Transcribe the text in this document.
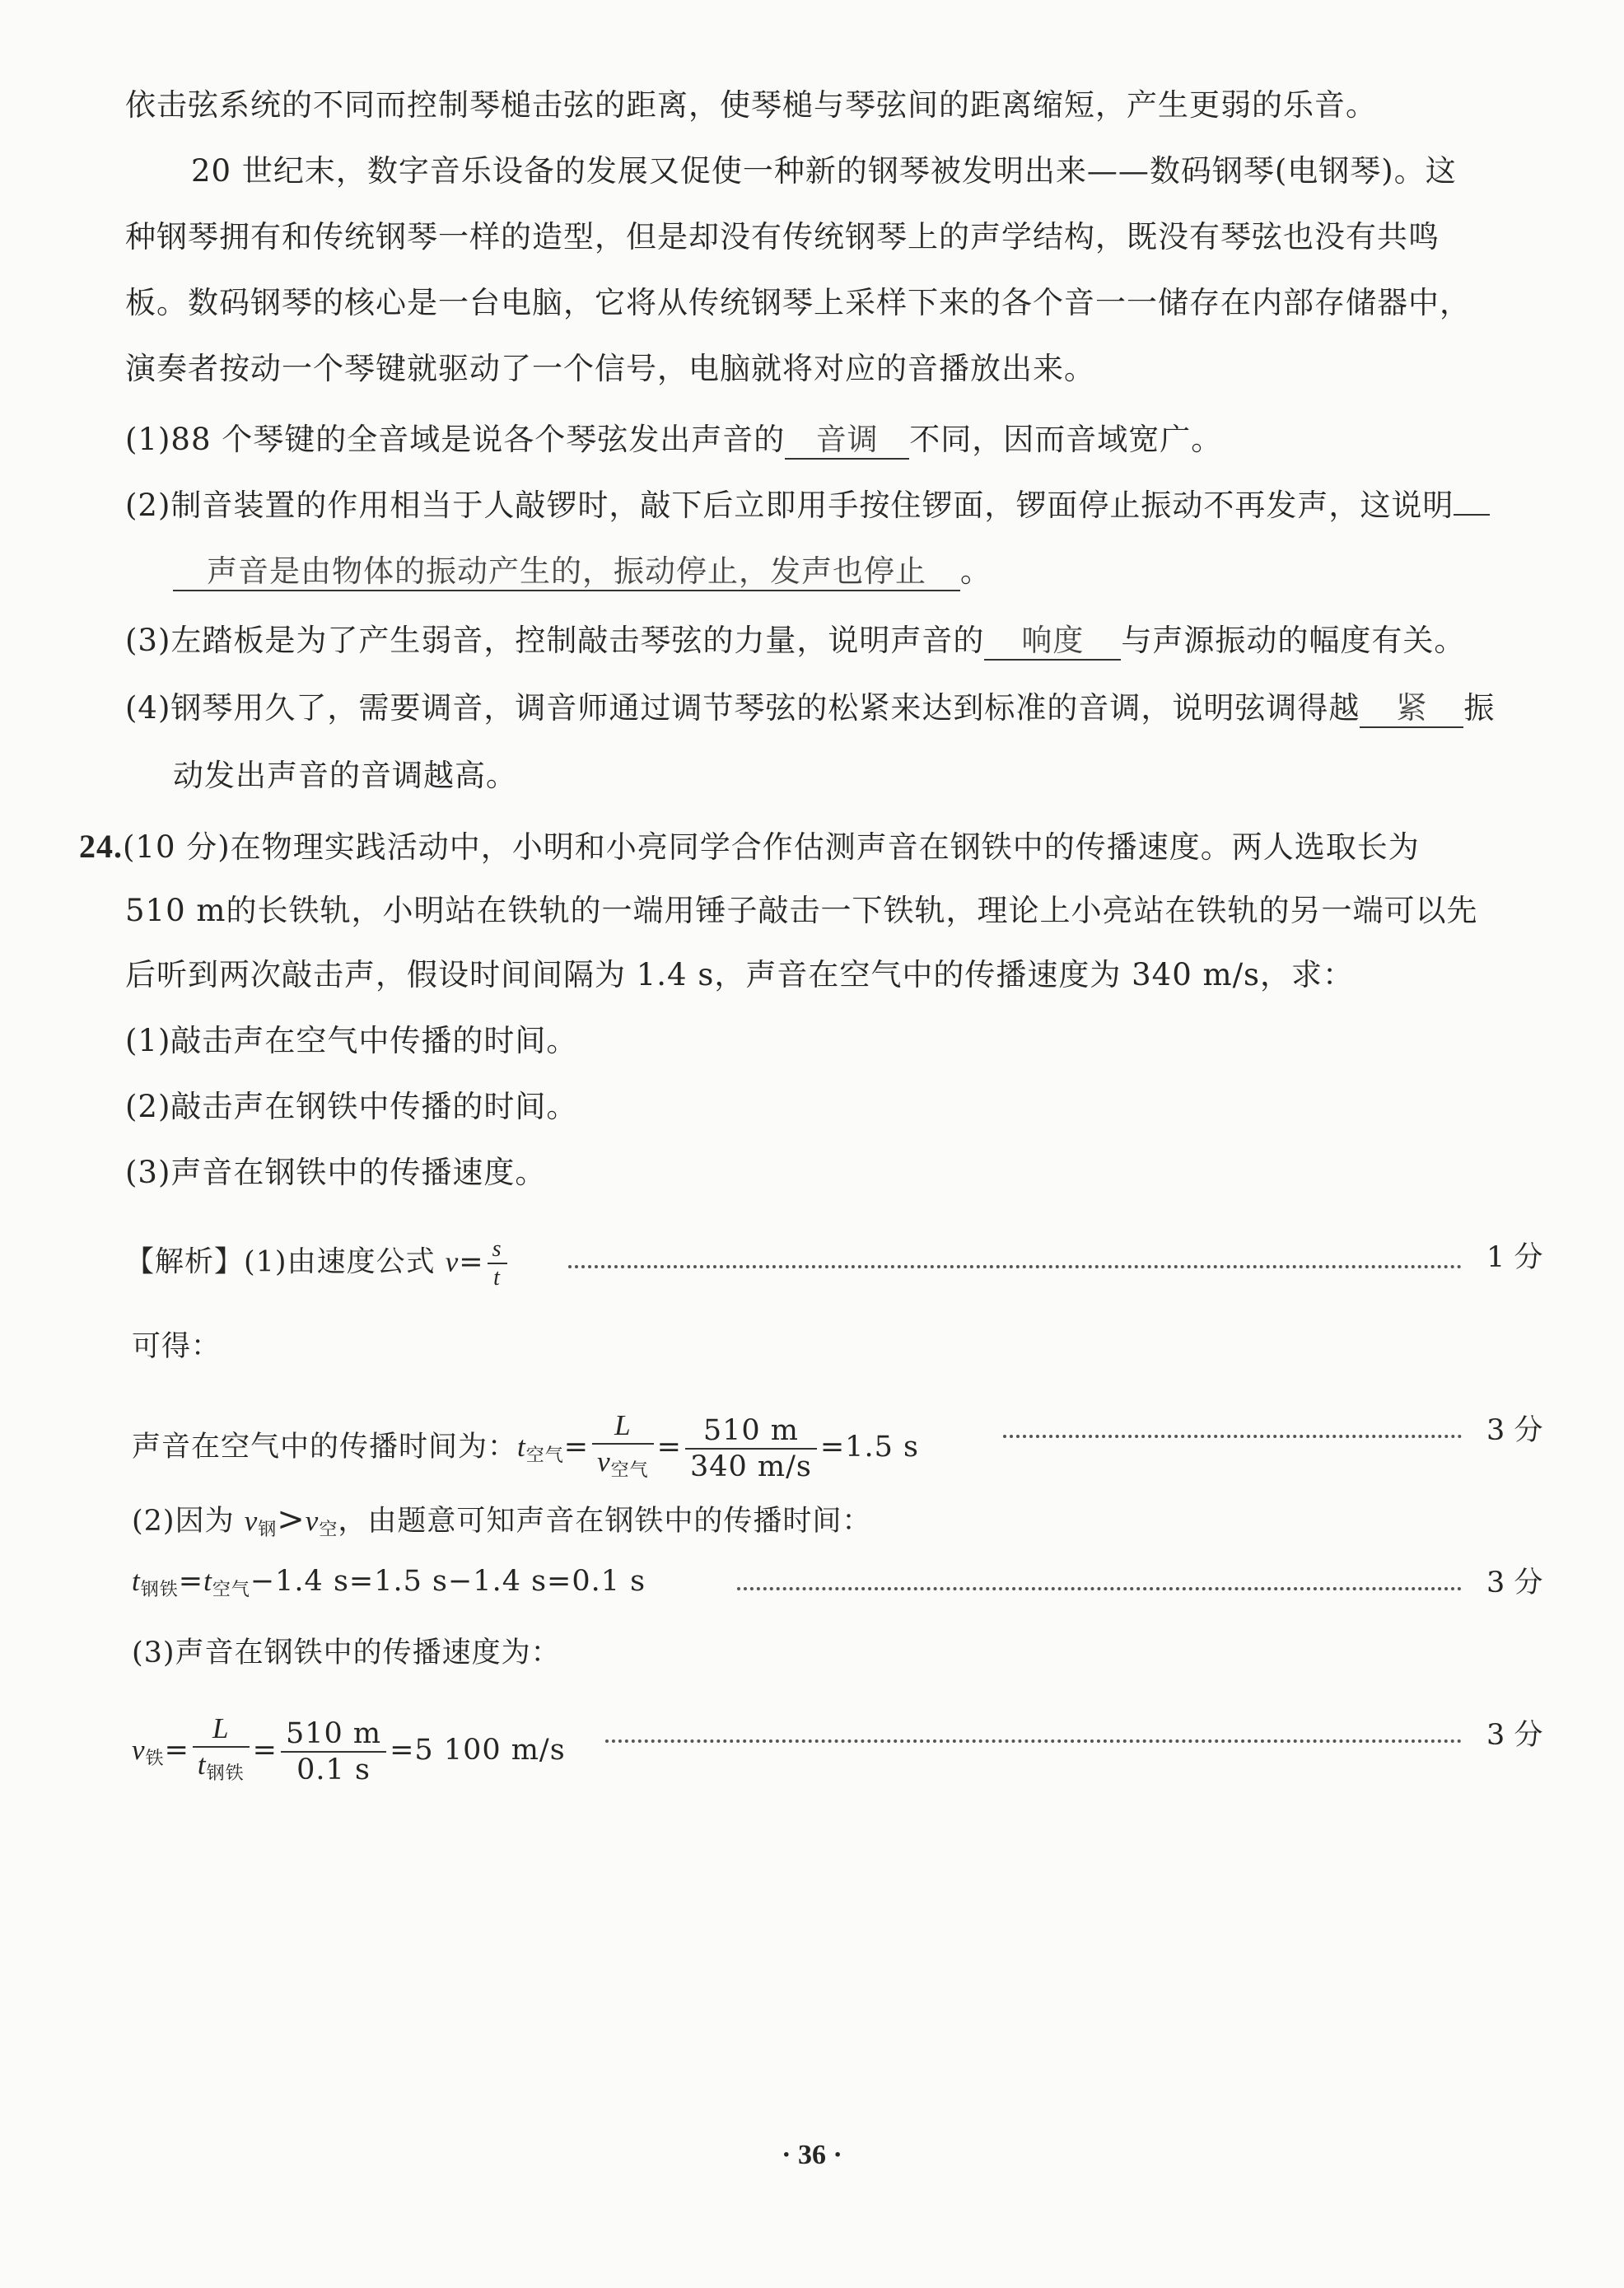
依击弦系统的不同而控制琴槌击弦的距离，使琴槌与琴弦间的距离缩短，产生更弱的乐音。
20 世纪末，数字音乐设备的发展又促使一种新的钢琴被发明出来——数码钢琴(电钢琴)。这
种钢琴拥有和传统钢琴一样的造型，但是却没有传统钢琴上的声学结构，既没有琴弦也没有共鸣
板。数码钢琴的核心是一台电脑，它将从传统钢琴上采样下来的各个音一一储存在内部存储器中，
演奏者按动一个琴键就驱动了一个信号，电脑就将对应的音播放出来。
(1)88 个琴键的全音域是说各个琴弦发出声音的 音调 不同，因而音域宽广。
(2)制音装置的作用相当于人敲锣时，敲下后立即用手按住锣面，锣面停止振动不再发声，这说明
声音是由物体的振动产生的，振动停止，发声也停止 。
(3)左踏板是为了产生弱音，控制敲击琴弦的力量，说明声音的 响度 与声源振动的幅度有关。
(4)钢琴用久了，需要调音，调音师通过调节琴弦的松紧来达到标准的音调，说明弦调得越 紧 振
动发出声音的音调越高。
24.(10 分)在物理实践活动中，小明和小亮同学合作估测声音在钢铁中的传播速度。两人选取长为
510 m的长铁轨，小明站在铁轨的一端用锤子敲击一下铁轨，理论上小亮站在铁轨的另一端可以先
后听到两次敲击声，假设时间间隔为 1.4 s，声音在空气中的传播速度为 340 m/s，求：
(1)敲击声在空气中传播的时间。
(2)敲击声在钢铁中传播的时间。
(3)声音在钢铁中的传播速度。
【解析】(1)由速度公式 $v= \frac{s}{t}$	1 分
可得：
声音在空气中的传播时间为：$t_{空气}= \frac{L}{v_{空气}} = \frac{510 m}{340 m/s} =1.5$ s	3 分
(2)因为 $v_钢>v_空$，由题意可知声音在钢铁中的传播时间：
$t_{钢铁}=t_{空气}-1.4$ s=1.5 s−1.4 s=0.1 s	3 分
(3)声音在钢铁中的传播速度为：
$v_铁= \frac{L}{t_{钢铁}} = \frac{510 m}{0.1 s} =5$ 100 m/s	3 分
· 36 ·
